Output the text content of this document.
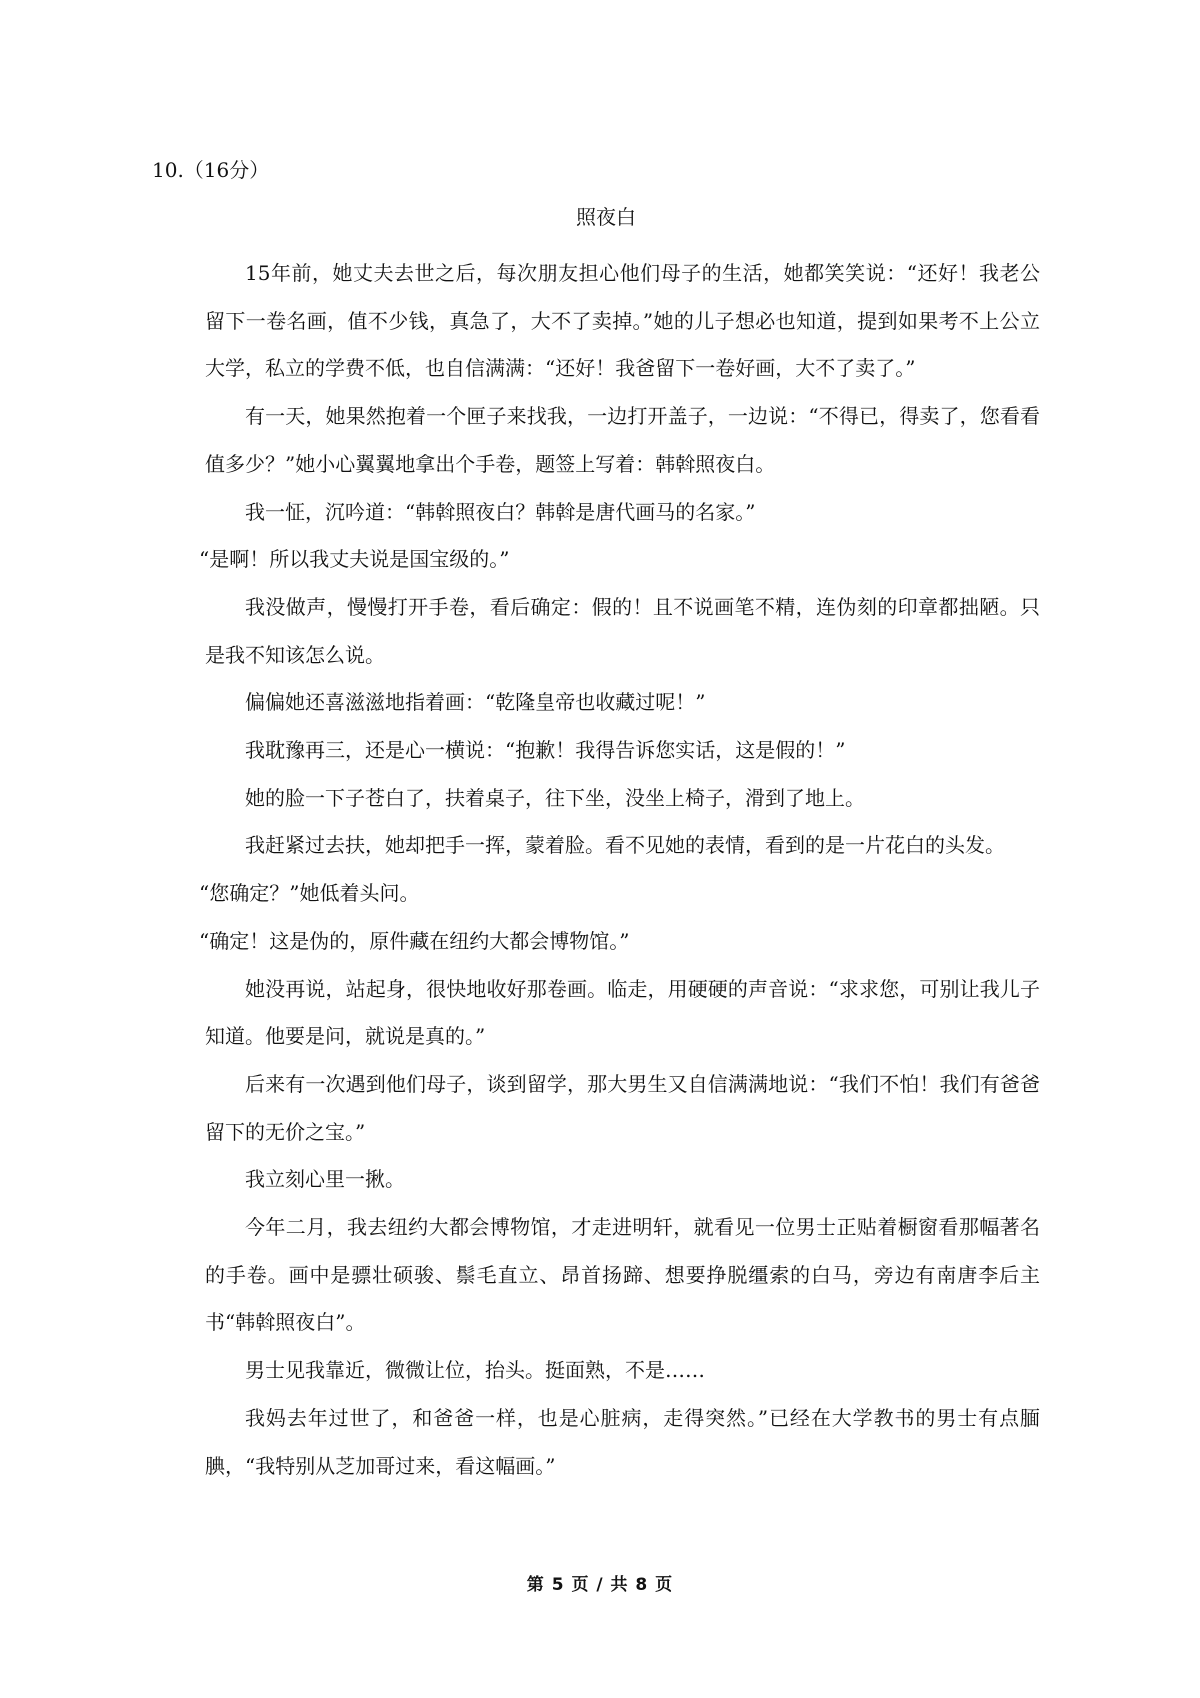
10.（16分）
照夜白

15年前，她丈夫去世之后，每次朋友担心他们母子的生活，她都笑笑说：“还好！我老公留下一卷名画，值不少钱，真急了，大不了卖掉。”她的儿子想必也知道，提到如果考不上公立大学，私立的学费不低，也自信满满：“还好！我爸留下一卷好画，大不了卖了。”

有一天，她果然抱着一个匣子来找我，一边打开盖子，一边说：“不得已，得卖了，您看看值多少？”她小心翼翼地拿出个手卷，题签上写着：韩斡照夜白。

我一怔，沉吟道：“韩斡照夜白？韩斡是唐代画马的名家。”

“是啊！所以我丈夫说是国宝级的。”

我没做声，慢慢打开手卷，看后确定：假的！且不说画笔不精，连伪刻的印章都拙陋。只是我不知该怎么说。

偏偏她还喜滋滋地指着画：“乾隆皇帝也收藏过呢！”

我耽豫再三，还是心一横说：“抱歉！我得告诉您实话，这是假的！”

她的脸一下子苍白了，扶着桌子，往下坐，没坐上椅子，滑到了地上。

我赶紧过去扶，她却把手一挥，蒙着脸。看不见她的表情，看到的是一片花白的头发。

“您确定？”她低着头问。

“确定！这是伪的，原件藏在纽约大都会博物馆。”

她没再说，站起身，很快地收好那卷画。临走，用硬硬的声音说：“求求您，可别让我儿子知道。他要是问，就说是真的。”

后来有一次遇到他们母子，谈到留学，那大男生又自信满满地说：“我们不怕！我们有爸爸留下的无价之宝。”

我立刻心里一揪。

今年二月，我去纽约大都会博物馆，才走进明轩，就看见一位男士正贴着橱窗看那幅著名的手卷。画中是骠壮硕骏、鬃毛直立、昂首扬蹄、想要挣脱缰索的白马，旁边有南唐李后主书“韩斡照夜白”。

男士见我靠近，微微让位，抬头。挺面熟，不是……

我妈去年过世了，和爸爸一样，也是心脏病，走得突然。”已经在大学教书的男士有点腼腆，“我特别从芝加哥过来，看这幅画。”

第 5 页 / 共 8 页
